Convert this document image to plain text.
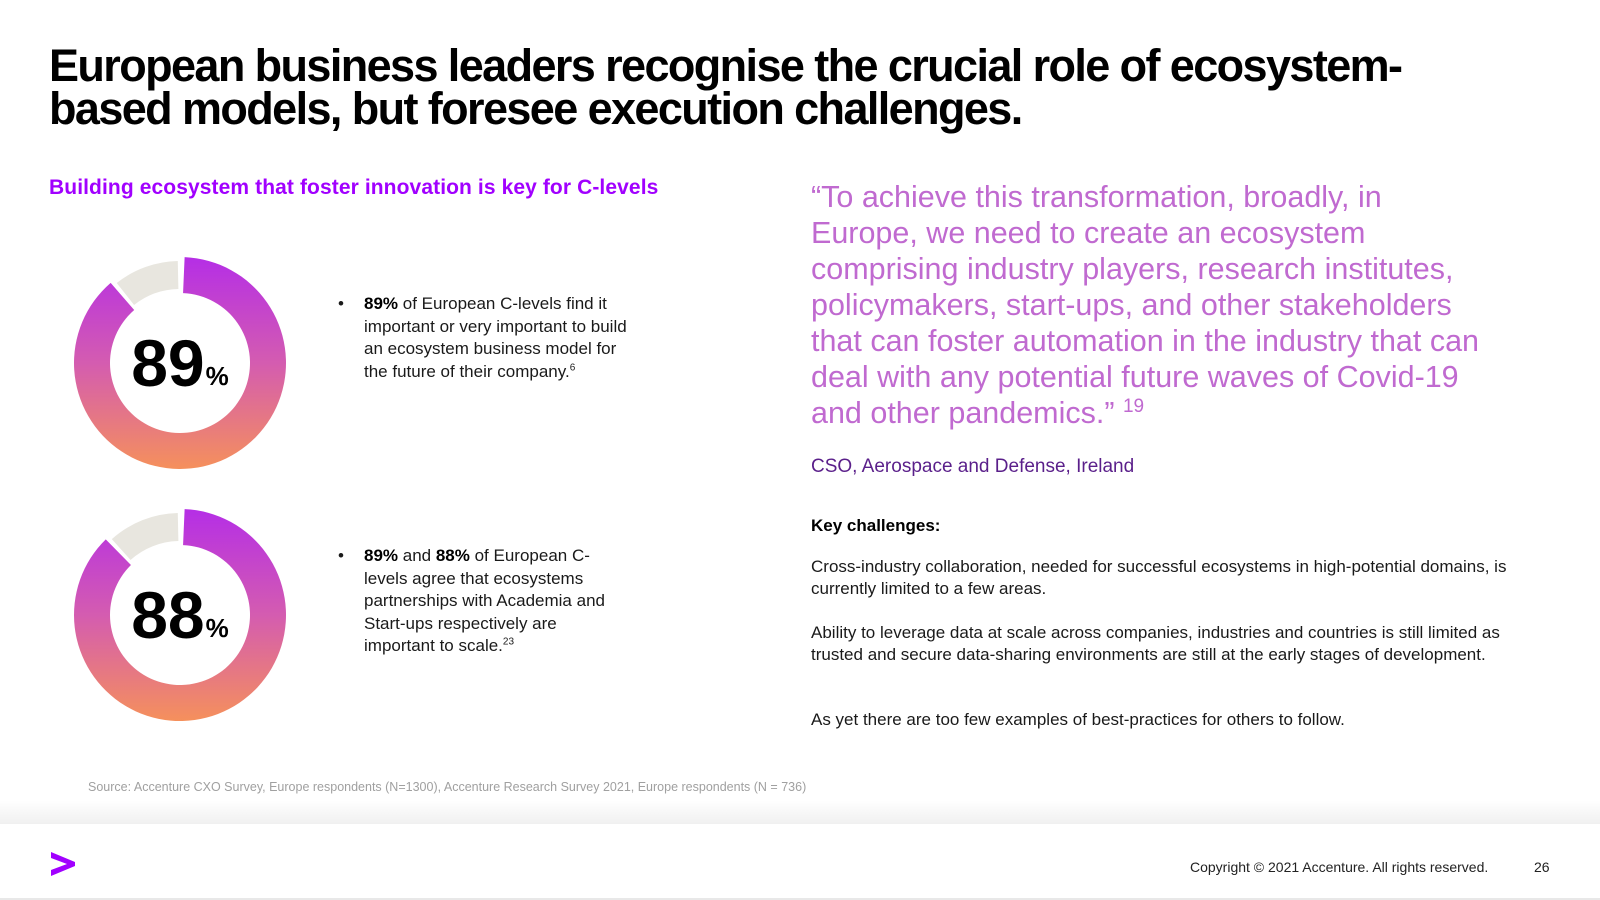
European business leaders recognise the crucial role of ecosystem-based models, but foresee execution challenges.
Building ecosystem that foster innovation is key for C-levels
89 %
88 %
• 89% of European C-levels find it important or very important to build an ecosystem business model for the future of their company.$^6$
• 89% and 88% of European C-levels agree that ecosystems partnerships with Academia and Start-ups respectively are important to scale.$^{23}$
“To achieve this transformation, broadly, in Europe, we need to create an ecosystem comprising industry players, research institutes, policymakers, start-ups, and other stakeholders that can foster automation in the industry that can deal with any potential future waves of Covid-19 and other pandemics.” $^{19}$
CSO, Aerospace and Defense, Ireland
Key challenges:
Cross-industry collaboration, needed for successful ecosystems in high-potential domains, is currently limited to a few areas.
Ability to leverage data at scale across companies, industries and countries is still limited as trusted and secure data-sharing environments are still at the early stages of development.
As yet there are too few examples of best-practices for others to follow.
Source: Accenture CXO Survey, Europe respondents (N=1300), Accenture Research Survey 2021, Europe respondents (N = 736)
Copyright © 2021 Accenture. All rights reserved.	26
